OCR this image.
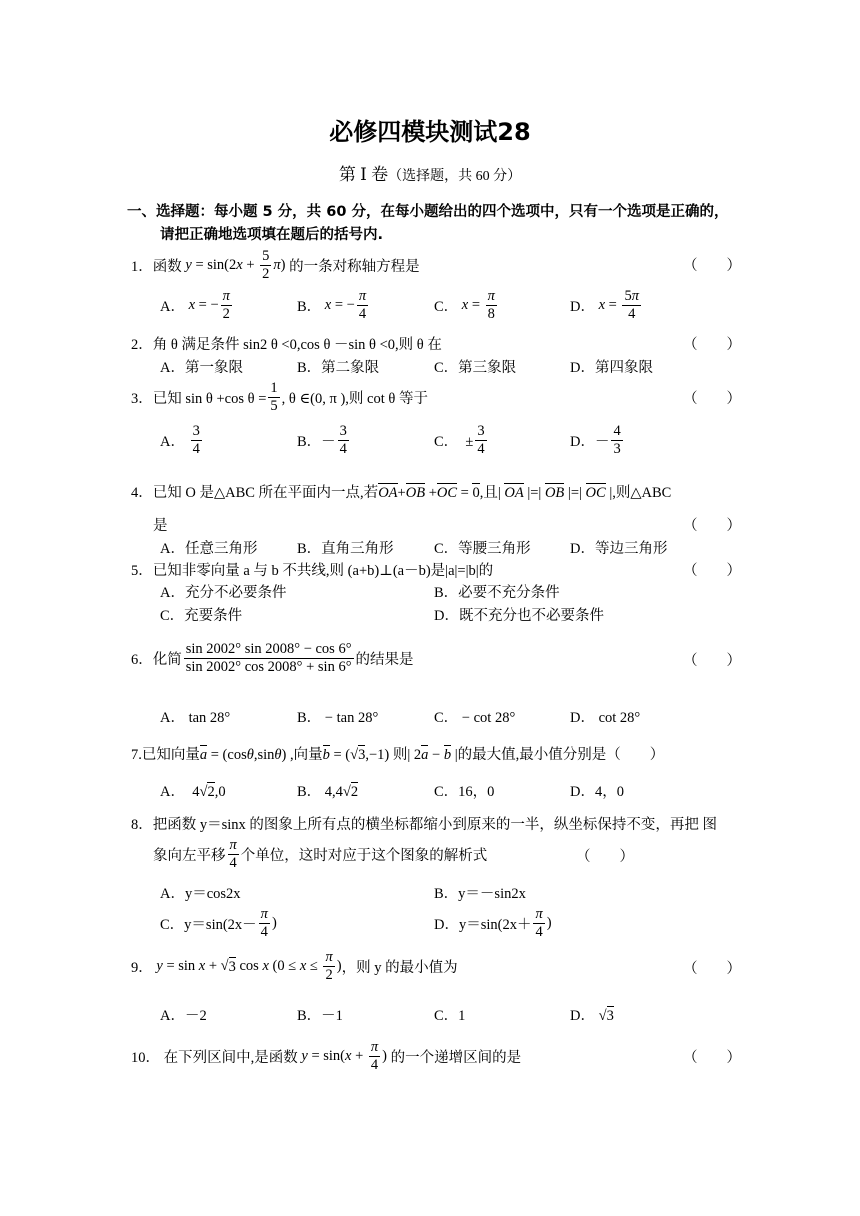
必修四模块测试28
第 Ⅰ 卷（选择题，共 60 分）
一、选择题：每小题 5 分，共 60 分，在每小题给出的四个选项中，只有一个选项是正确的，
请把正确地选项填在题后的括号内.
1． 函数
y = sin(2 $x + \frac{5}{2}$ π ) 的一条对称轴方程是	（　　）
A．
x = − $\frac{\pi}{2}$	B．
x = − $\frac{\pi}{4}$	C．
$x = \frac{\pi}{8}$	D．
$x = \frac{5\pi}{4}$
2．角 θ 满足条件 sin2 θ <0,cos θ －sin θ <0,则 θ 在	（　　）
A．第一象限	B．第二象限	C．第三象限	D．第四象限
3．已知 sin θ +cos $\theta = \frac{1}{5}$ , θ ∈(0, π ),则 cot θ 等于	（　　）
A．
$\frac{3}{4}$	B．－ $\frac{3}{4}$	C．　± $\frac{3}{4}$	D．－ $\frac{4}{3}$
4．已知 O 是△ABC 所在平面内一点,若OA+OB +OC = 0,且| OA |=| OB |=| OC |,则△ABC
是	（　　）
A．任意三角形	B．直角三角形	C．等腰三角形	D．等边三角形
5．已知非零向量 a 与 b 不共线,则 (a+b)⊥(a－b)是|a|=|b|的	（　　）
A．充分不必要条件	B．必要不充分条件
C．充要条件	D．既不充分也不必要条件
6．化简 $\frac{\sin 2002^\circ \sin 2008^\circ - \cos 6^\circ}{\sin 2002^\circ \cos 2008^\circ + \sin 6^\circ}$ 的结果是	（　　）
A． tan 28°	B． − tan 28°	C． − cot 28°	D． cot 28°
7.已知向量a = (cosθ,sinθ) ,向量b = (√3,−1) 则| 2a − b |的最大值,最小值分别是（　　）
A．  4√2,0	B． 4,4√2	C．16，0	D．4，0
8．把函数 y＝sinx 的图象上所有点的横坐标都缩小到原来的一半，纵坐标保持不变，再把 图
象向左平移 $\frac{\pi}{4}$ 个单位，这时对应于这个图象的解析式	（　　）
A．y＝cos2x	B．y＝－sin2x
C．$y=\sin(2x- \frac{\pi}{4}$ )	D．$y=\sin(2x+ \frac{\pi}{4}$ )
9．
y = sin x + √ 3 cos x ($0 \le x \le \frac{\pi}{2}$ ) ，则 y 的最小值为	（　　）
A．－2	B．－1	C．1	D． √3
10．
在下列区间中,是函数
y = sin( $x + \frac{\pi}{4}$ ) 的一个递增区间的是	（　　）
